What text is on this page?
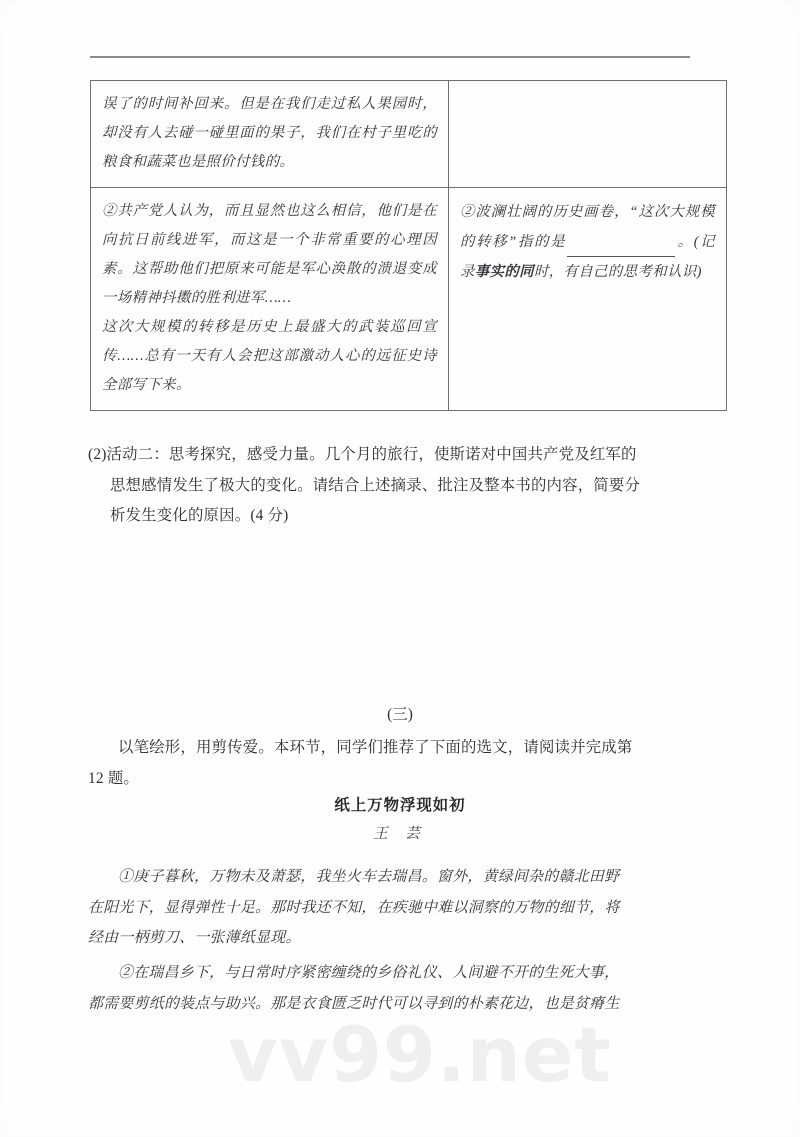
vv99.net

误了的时间补回来。但是在我们走过私人果园时，却没有人去碰一碰里面的果子，我们在村子里吃的粮食和蔬菜也是照价付钱的。	

②共产党人认为，而且显然也这么相信，他们是在向抗日前线进军，而这是一个非常重要的心理因素。这帮助他们把原来可能是军心涣散的溃退变成一场精神抖擞的胜利进军……

这次大规模的转移是历史上最盛大的武装巡回宣传……总有一天有人会把这部激动人心的远征史诗全部写下来。	②波澜壮阔的历史画卷，“这次大规模的转移”指的是 。(记录事实的同时，有自己的思考和认识)

(2)活动二：思考探究，感受力量。几个月的旅行，使斯诺对中国共产党及红军的
思想感情发生了极大的变化。请结合上述摘录、批注及整本书的内容，简要分
析发生变化的原因。(4 分)
(三)
以笔绘形，用剪传爱。本环节，同学们推荐了下面的选文，请阅读并完成第
12 题。
纸上万物浮现如初
王 芸
①庚子暮秋，万物未及萧瑟，我坐火车去瑞昌。窗外，黄绿间杂的赣北田野
在阳光下，显得弹性十足。那时我还不知，在疾驰中难以洞察的万物的细节，将
经由一柄剪刀、一张薄纸显现。
②在瑞昌乡下，与日常时序紧密缠绕的乡俗礼仪、人间避不开的生死大事，
都需要剪纸的装点与助兴。那是衣食匮乏时代可以寻到的朴素花边，也是贫瘠生
